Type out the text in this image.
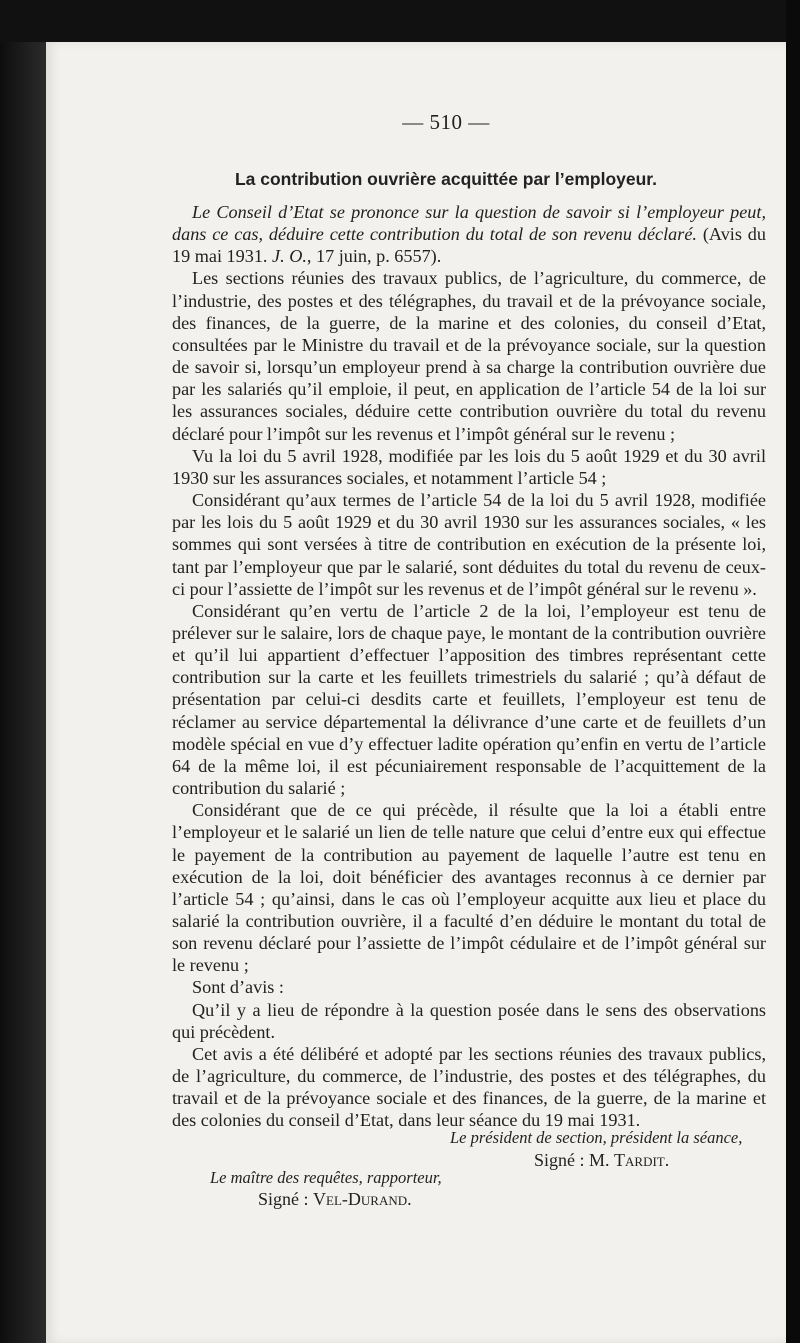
— 510 —
La contribution ouvrière acquittée par l’employeur.

Le Conseil d’Etat se prononce sur la question de savoir si l’employeur peut, dans ce cas, déduire cette contribution du total de son revenu déclaré. (Avis du 19 mai 1931. J. O., 17 juin, p. 6557).

Les sections réunies des travaux publics, de l’agriculture, du commerce, de l’industrie, des postes et des télégraphes, du travail et de la prévoyance sociale, des finances, de la guerre, de la marine et des colonies, du conseil d’Etat, consultées par le Ministre du travail et de la prévoyance sociale, sur la question de savoir si, lorsqu’un employeur prend à sa charge la contribution ouvrière due par les salariés qu’il emploie, il peut, en application de l’article 54 de la loi sur les assurances sociales, déduire cette contribution ouvrière du total du revenu déclaré pour l’impôt sur les revenus et l’impôt général sur le revenu ;

Vu la loi du 5 avril 1928, modifiée par les lois du 5 août 1929 et du 30 avril 1930 sur les assurances sociales, et notamment l’article 54 ;

Considérant qu’aux termes de l’article 54 de la loi du 5 avril 1928, modifiée par les lois du 5 août 1929 et du 30 avril 1930 sur les assurances sociales, « les sommes qui sont versées à titre de contribution en exécution de la présente loi, tant par l’employeur que par le salarié, sont déduites du total du revenu de ceux-ci pour l’assiette de l’impôt sur les revenus et de l’impôt général sur le revenu ».

Considérant qu’en vertu de l’article 2 de la loi, l’employeur est tenu de prélever sur le salaire, lors de chaque paye, le montant de la contribution ouvrière et qu’il lui appartient d’effectuer l’apposition des timbres représentant cette contribution sur la carte et les feuillets trimestriels du salarié ; qu’à défaut de présentation par celui-ci desdits carte et feuillets, l’employeur est tenu de réclamer au service départemental la délivrance d’une carte et de feuillets d’un modèle spécial en vue d’y effectuer ladite opération qu’enfin en vertu de l’article 64 de la même loi, il est pécuniairement responsable de l’acquittement de la contribution du salarié ;

Considérant que de ce qui précède, il résulte que la loi a établi entre l’employeur et le salarié un lien de telle nature que celui d’entre eux qui effectue le payement de la contribution au payement de laquelle l’autre est tenu en exécution de la loi, doit bénéficier des avantages reconnus à ce dernier par l’article 54 ; qu’ainsi, dans le cas où l’employeur acquitte aux lieu et place du salarié la contribution ouvrière, il a faculté d’en déduire le montant du total de son revenu déclaré pour l’assiette de l’impôt cédulaire et de l’impôt général sur le revenu ;

Sont d’avis :

Qu’il y a lieu de répondre à la question posée dans le sens des observations qui précèdent.

Cet avis a été délibéré et adopté par les sections réunies des travaux publics, de l’agriculture, du commerce, de l’industrie, des postes et des télégraphes, du travail et de la prévoyance sociale et des finances, de la guerre, de la marine et des colonies du conseil d’Etat, dans leur séance du 19 mai 1931.

Le président de section, président la séance,
Signé : M. Tardit.
Le maître des requêtes, rapporteur,
Signé : Vel-Durand.
